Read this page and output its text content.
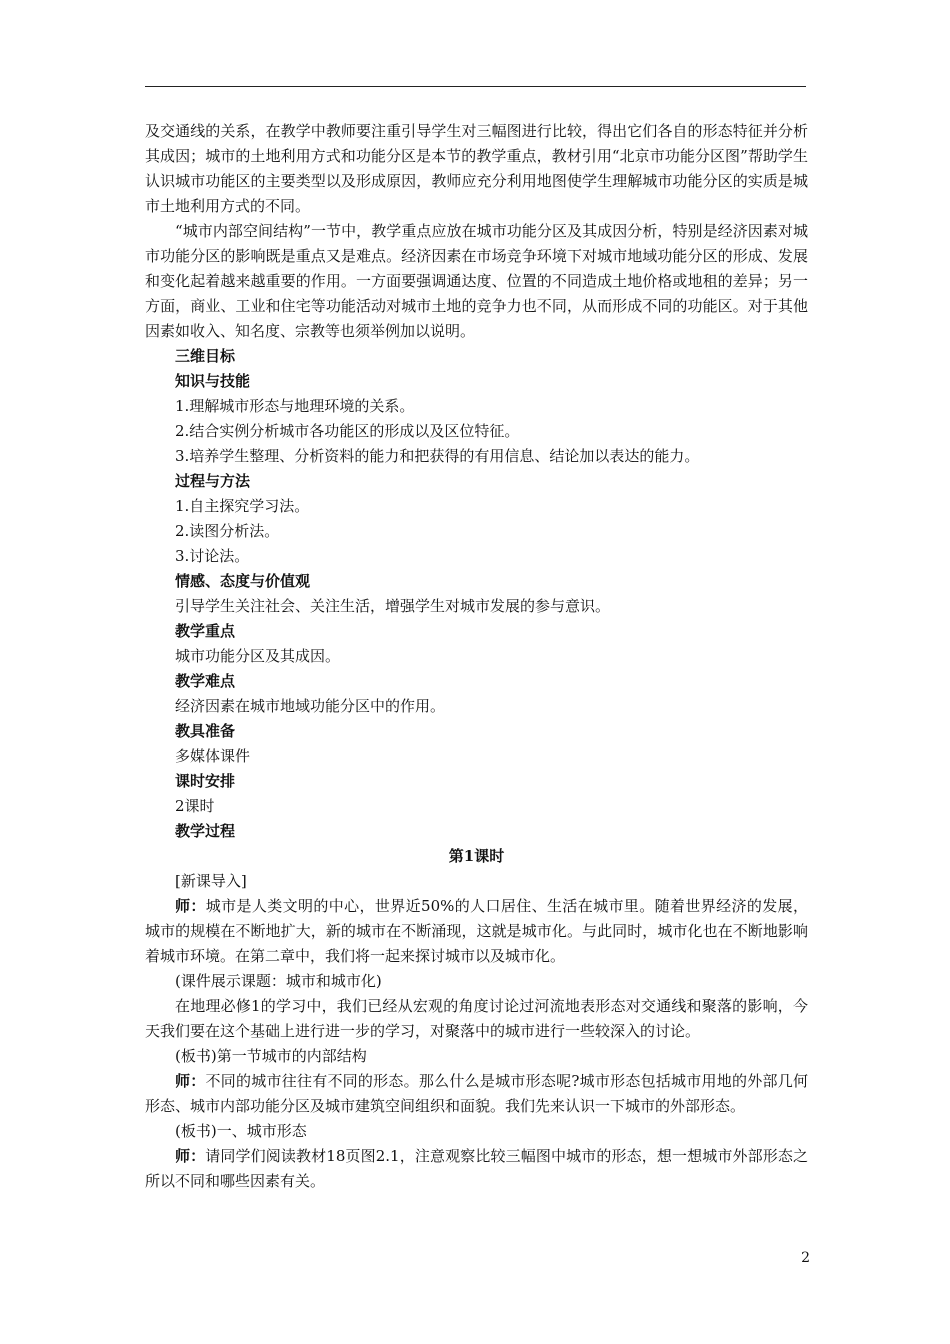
及交通线的关系，在教学中教师要注重引导学生对三幅图进行比较，得出它们各自的形态特征并分析其成因；城市的土地利用方式和功能分区是本节的教学重点，教材引用“北京市功能分区图”帮助学生认识城市功能区的主要类型以及形成原因，教师应充分利用地图使学生理解城市功能分区的实质是城市土地利用方式的不同。

“城市内部空间结构”一节中，教学重点应放在城市功能分区及其成因分析，特别是经济因素对城市功能分区的影响既是重点又是难点。经济因素在市场竞争环境下对城市地域功能分区的形成、发展和变化起着越来越重要的作用。一方面要强调通达度、位置的不同造成土地价格或地租的差异；另一方面，商业、工业和住宅等功能活动对城市土地的竞争力也不同，从而形成不同的功能区。对于其他因素如收入、知名度、宗教等也须举例加以说明。

三维目标

知识与技能

1.理解城市形态与地理环境的关系。

2.结合实例分析城市各功能区的形成以及区位特征。

3.培养学生整理、分析资料的能力和把获得的有用信息、结论加以表达的能力。

过程与方法

1.自主探究学习法。

2.读图分析法。

3.讨论法。

情感、态度与价值观

引导学生关注社会、关注生活，增强学生对城市发展的参与意识。

教学重点

城市功能分区及其成因。

教学难点

经济因素在城市地域功能分区中的作用。

教具准备

多媒体课件

课时安排

2课时

教学过程

第1课时

[新课导入]

师：城市是人类文明的中心，世界近50%的人口居住、生活在城市里。随着世界经济的发展，城市的规模在不断地扩大，新的城市在不断涌现，这就是城市化。与此同时，城市化也在不断地影响着城市环境。在第二章中，我们将一起来探讨城市以及城市化。

(课件展示课题：城市和城市化)

在地理必修1的学习中，我们已经从宏观的角度讨论过河流地表形态对交通线和聚落的影响，今天我们要在这个基础上进行进一步的学习，对聚落中的城市进行一些较深入的讨论。

(板书)第一节城市的内部结构

师：不同的城市往往有不同的形态。那么什么是城市形态呢?城市形态包括城市用地的外部几何形态、城市内部功能分区及城市建筑空间组织和面貌。我们先来认识一下城市的外部形态。

(板书)一、城市形态

师：请同学们阅读教材18页图2.1，注意观察比较三幅图中城市的形态，想一想城市外部形态之所以不同和哪些因素有关。

2
